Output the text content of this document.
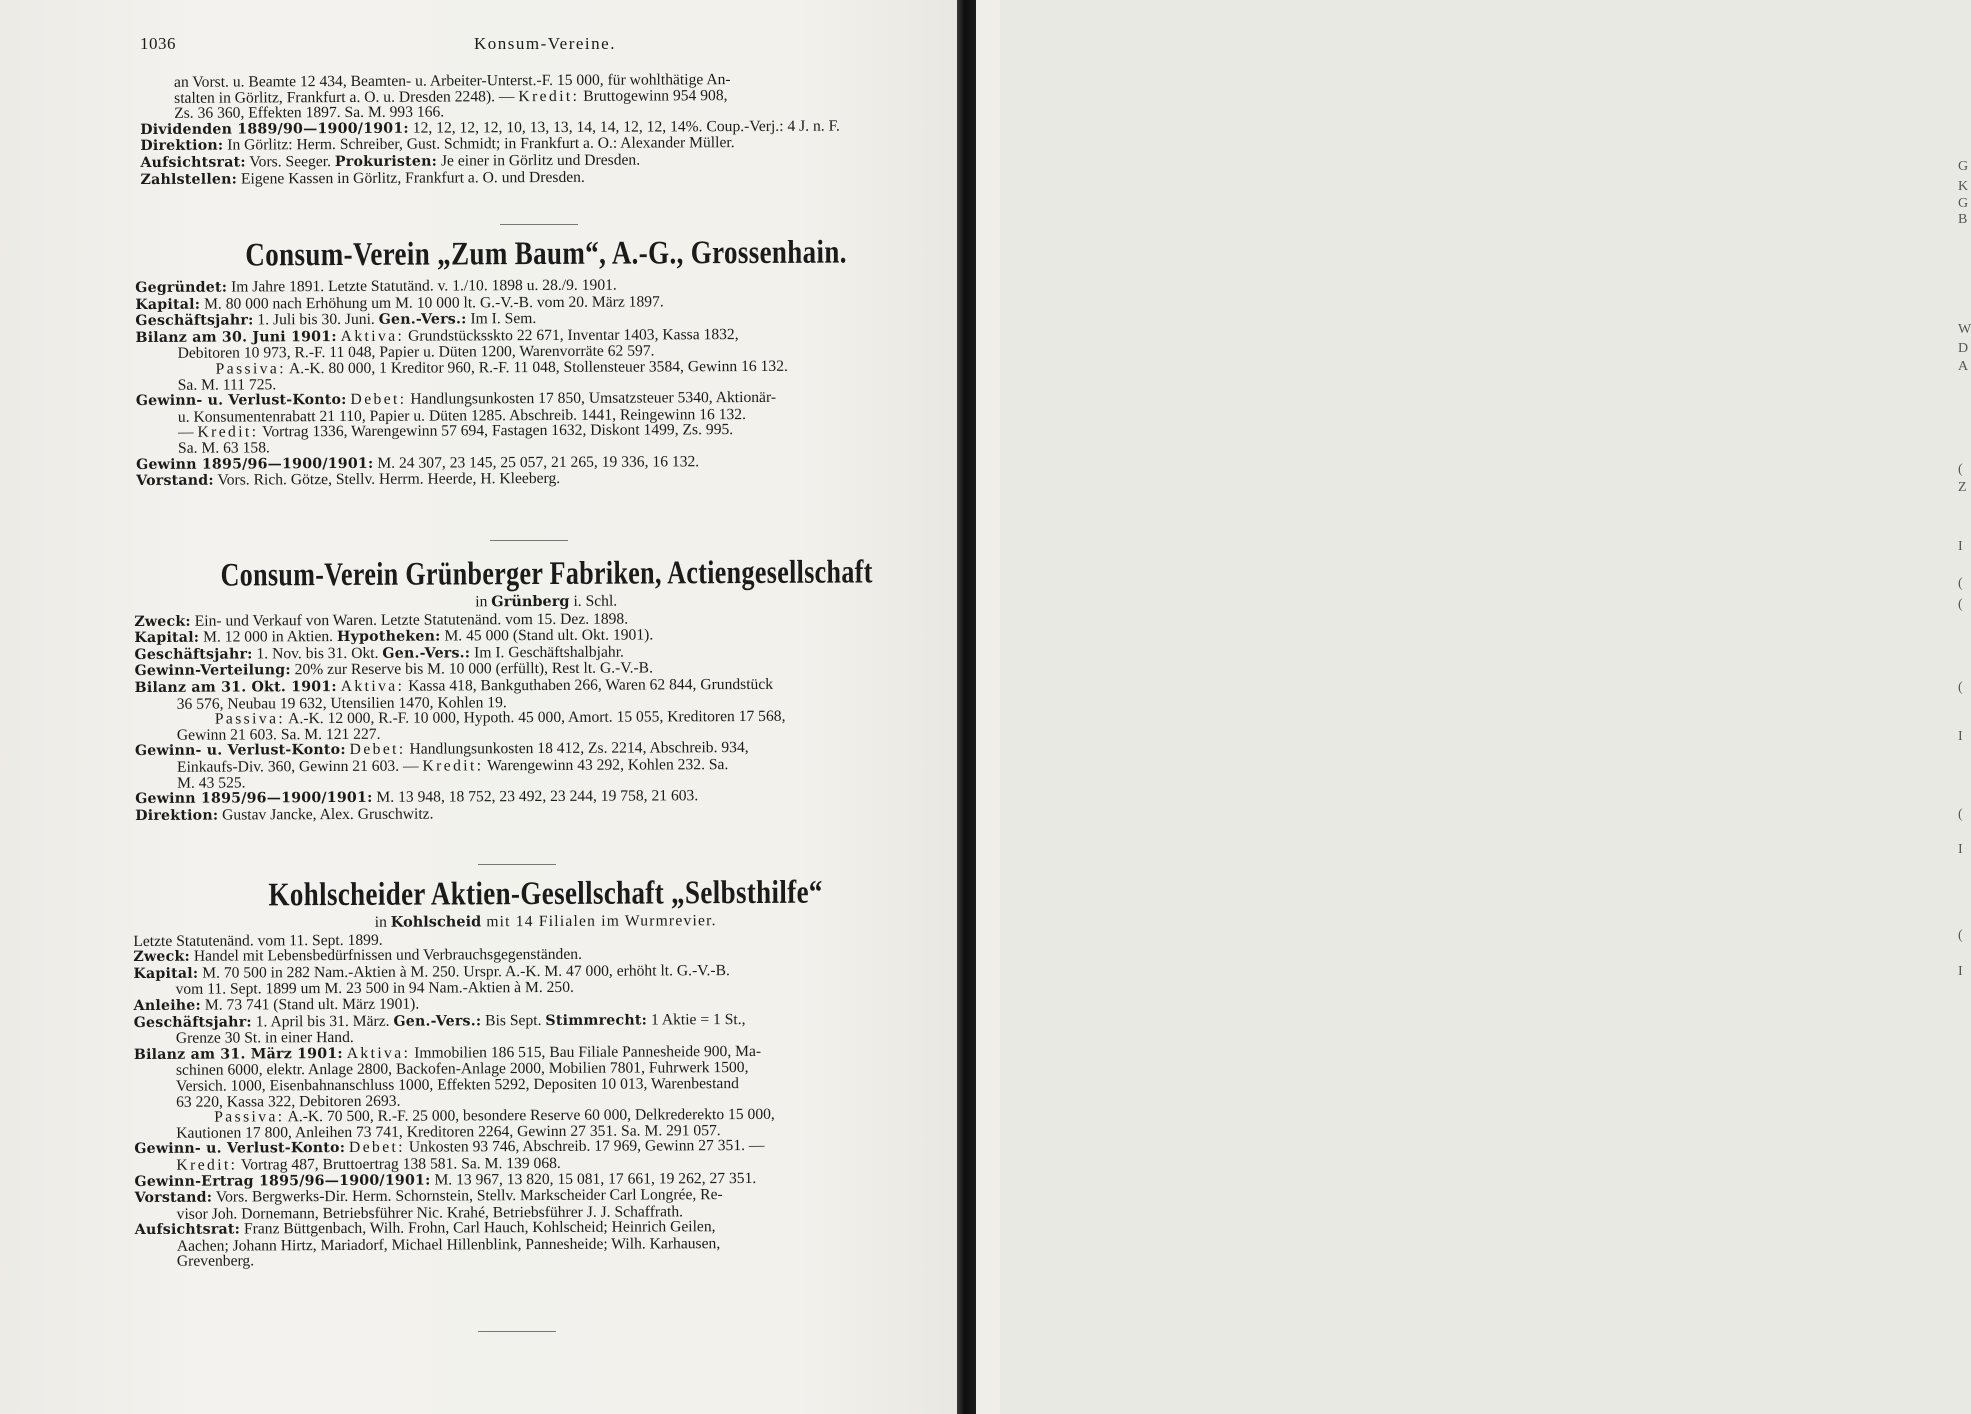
G
K
G
B
W
D
A
(
Z
I
(
(
(
I
(
I
(
I
1036	Konsum-Vereine.

an Vorst. u. Beamte 12 434, Beamten- u. Arbeiter-Unterst.-F. 15 000, für wohlthätige An-

stalten in Görlitz, Frankfurt a. O. u. Dresden 2248). — Kredit: Bruttogewinn 954 908,

Zs. 36 360, Effekten 1897. Sa. M. 993 166.

Dividenden 1889/90—1900/1901: 12, 12, 12, 12, 10, 13, 13, 14, 14, 12, 12, 14%. Coup.-Verj.: 4 J. n. F.

Direktion: In Görlitz: Herm. Schreiber, Gust. Schmidt; in Frankfurt a. O.: Alexander Müller.

Aufsichtsrat: Vors. Seeger. Prokuristen: Je einer in Görlitz und Dresden.

Zahlstellen: Eigene Kassen in Görlitz, Frankfurt a. O. und Dresden.

Consum-Verein „Zum Baum“, A.-G., Grossenhain.

Gegründet: Im Jahre 1891. Letzte Statutänd. v. 1./10. 1898 u. 28./9. 1901.

Kapital: M. 80 000 nach Erhöhung um M. 10 000 lt. G.-V.-B. vom 20. März 1897.

Geschäftsjahr: 1. Juli bis 30. Juni. Gen.-Vers.: Im I. Sem.

Bilanz am 30. Juni 1901: Aktiva: Grundstücksskto 22 671, Inventar 1403, Kassa 1832,
Debitoren 10 973, R.-F. 11 048, Papier u. Düten 1200, Warenvorräte 62 597.

Passiva: A.-K. 80 000, 1 Kreditor 960, R.-F. 11 048, Stollensteuer 3584, Gewinn 16 132.

Sa. M. 111 725.

Gewinn- u. Verlust-Konto: Debet: Handlungsunkosten 17 850, Umsatzsteuer 5340, Aktionär-
u. Konsumentenrabatt 21 110, Papier u. Düten 1285. Abschreib. 1441, Reingewinn 16 132.
— Kredit: Vortrag 1336, Warengewinn 57 694, Fastagen 1632, Diskont 1499, Zs. 995.
Sa. M. 63 158.

Gewinn 1895/96—1900/1901: M. 24 307, 23 145, 25 057, 21 265, 19 336, 16 132.

Vorstand: Vors. Rich. Götze, Stellv. Herrm. Heerde, H. Kleeberg.

Consum-Verein Grünberger Fabriken, Actiengesellschaft

in Grünberg i. Schl.

Zweck: Ein- und Verkauf von Waren. Letzte Statutenänd. vom 15. Dez. 1898.

Kapital: M. 12 000 in Aktien. Hypotheken: M. 45 000 (Stand ult. Okt. 1901).

Geschäftsjahr: 1. Nov. bis 31. Okt. Gen.-Vers.: Im I. Geschäftshalbjahr.

Gewinn-Verteilung: 20% zur Reserve bis M. 10 000 (erfüllt), Rest lt. G.-V.-B.

Bilanz am 31. Okt. 1901: Aktiva: Kassa 418, Bankguthaben 266, Waren 62 844, Grundstück
36 576, Neubau 19 632, Utensilien 1470, Kohlen 19.

Passiva: A.-K. 12 000, R.-F. 10 000, Hypoth. 45 000, Amort. 15 055, Kreditoren 17 568,

Gewinn 21 603. Sa. M. 121 227.

Gewinn- u. Verlust-Konto: Debet: Handlungsunkosten 18 412, Zs. 2214, Abschreib. 934,
Einkaufs-Div. 360, Gewinn 21 603. — Kredit: Warengewinn 43 292, Kohlen 232. Sa.
M. 43 525.

Gewinn 1895/96—1900/1901: M. 13 948, 18 752, 23 492, 23 244, 19 758, 21 603.

Direktion: Gustav Jancke, Alex. Gruschwitz.

Kohlscheider Aktien-Gesellschaft „Selbsthilfe“

in Kohlscheid mit 14 Filialen im Wurmrevier.

Letzte Statutenänd. vom 11. Sept. 1899.

Zweck: Handel mit Lebensbedürfnissen und Verbrauchsgegenständen.

Kapital: M. 70 500 in 282 Nam.-Aktien à M. 250. Urspr. A.-K. M. 47 000, erhöht lt. G.-V.-B.
vom 11. Sept. 1899 um M. 23 500 in 94 Nam.-Aktien à M. 250.

Anleihe: M. 73 741 (Stand ult. März 1901).

Geschäftsjahr: 1. April bis 31. März. Gen.-Vers.: Bis Sept. Stimmrecht: 1 Aktie = 1 St.,
Grenze 30 St. in einer Hand.

Bilanz am 31. März 1901: Aktiva: Immobilien 186 515, Bau Filiale Pannesheide 900, Ma-
schinen 6000, elektr. Anlage 2800, Backofen-Anlage 2000, Mobilien 7801, Fuhrwerk 1500,
Versich. 1000, Eisenbahnanschluss 1000, Effekten 5292, Depositen 10 013, Warenbestand
63 220, Kassa 322, Debitoren 2693.

Passiva: A.-K. 70 500, R.-F. 25 000, besondere Reserve 60 000, Delkrederekto 15 000,

Kautionen 17 800, Anleihen 73 741, Kreditoren 2264, Gewinn 27 351. Sa. M. 291 057.

Gewinn- u. Verlust-Konto: Debet: Unkosten 93 746, Abschreib. 17 969, Gewinn 27 351. —
Kredit: Vortrag 487, Bruttoertrag 138 581. Sa. M. 139 068.

Gewinn-Ertrag 1895/96—1900/1901: M. 13 967, 13 820, 15 081, 17 661, 19 262, 27 351.

Vorstand: Vors. Bergwerks-Dir. Herm. Schornstein, Stellv. Markscheider Carl Longrée, Re-
visor Joh. Dornemann, Betriebsführer Nic. Krahé, Betriebsführer J. J. Schaffrath.

Aufsichtsrat: Franz Büttgenbach, Wilh. Frohn, Carl Hauch, Kohlscheid; Heinrich Geilen,
Aachen; Johann Hirtz, Mariadorf, Michael Hillenblink, Pannesheide; Wilh. Karhausen,
Grevenberg.
